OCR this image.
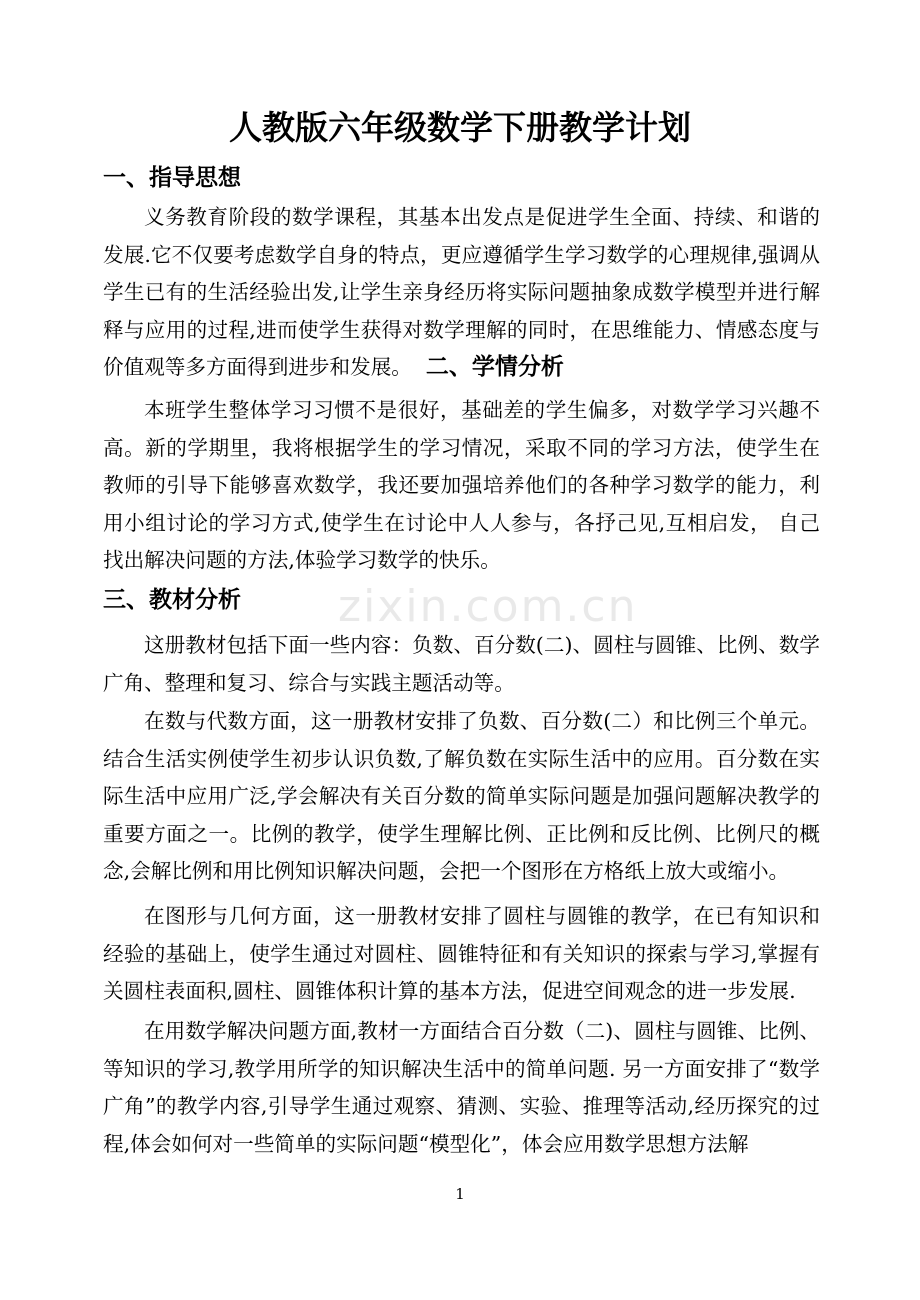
zixin.com.cn
人教版六年级数学下册教学计划
一、指导思想
义务教育阶段的数学课程，其基本出发点是促进学生全面、持续、和谐的发展.它不仅要考虑数学自身的特点，更应遵循学生学习数学的心理规律,强调从学生已有的生活经验出发,让学生亲身经历将实际问题抽象成数学模型并进行解释与应用的过程,进而使学生获得对数学理解的同时，在思维能力、情感态度与价值观等多方面得到进步和发展。 二、学情分析
本班学生整体学习习惯不是很好，基础差的学生偏多，对数学学习兴趣不高。新的学期里，我将根据学生的学习情况，采取不同的学习方法，使学生在教师的引导下能够喜欢数学，我还要加强培养他们的各种学习数学的能力，利用小组讨论的学习方式,使学生在讨论中人人参与，各抒己见,互相启发， 自己找出解决问题的方法,体验学习数学的快乐。
三、教材分析
这册教材包括下面一些内容：负数、百分数(二)、圆柱与圆锥、比例、数学广角、整理和复习、综合与实践主题活动等。
在数与代数方面，这一册教材安排了负数、百分数(二）和比例三个单元。结合生活实例使学生初步认识负数,了解负数在实际生活中的应用。百分数在实际生活中应用广泛,学会解决有关百分数的简单实际问题是加强问题解决教学的重要方面之一。比例的教学，使学生理解比例、正比例和反比例、比例尺的概念,会解比例和用比例知识解决问题，会把一个图形在方格纸上放大或缩小。
在图形与几何方面，这一册教材安排了圆柱与圆锥的教学，在已有知识和经验的基础上，使学生通过对圆柱、圆锥特征和有关知识的探索与学习,掌握有关圆柱表面积,圆柱、圆锥体积计算的基本方法，促进空间观念的进一步发展.
在用数学解决问题方面,教材一方面结合百分数（二)、圆柱与圆锥、比例、等知识的学习,教学用所学的知识解决生活中的简单问题. 另一方面安排了“数学广角”的教学内容,引导学生通过观察、猜测、实验、推理等活动,经历探究的过程,体会如何对一些简单的实际问题“模型化”，体会应用数学思想方法解
1
